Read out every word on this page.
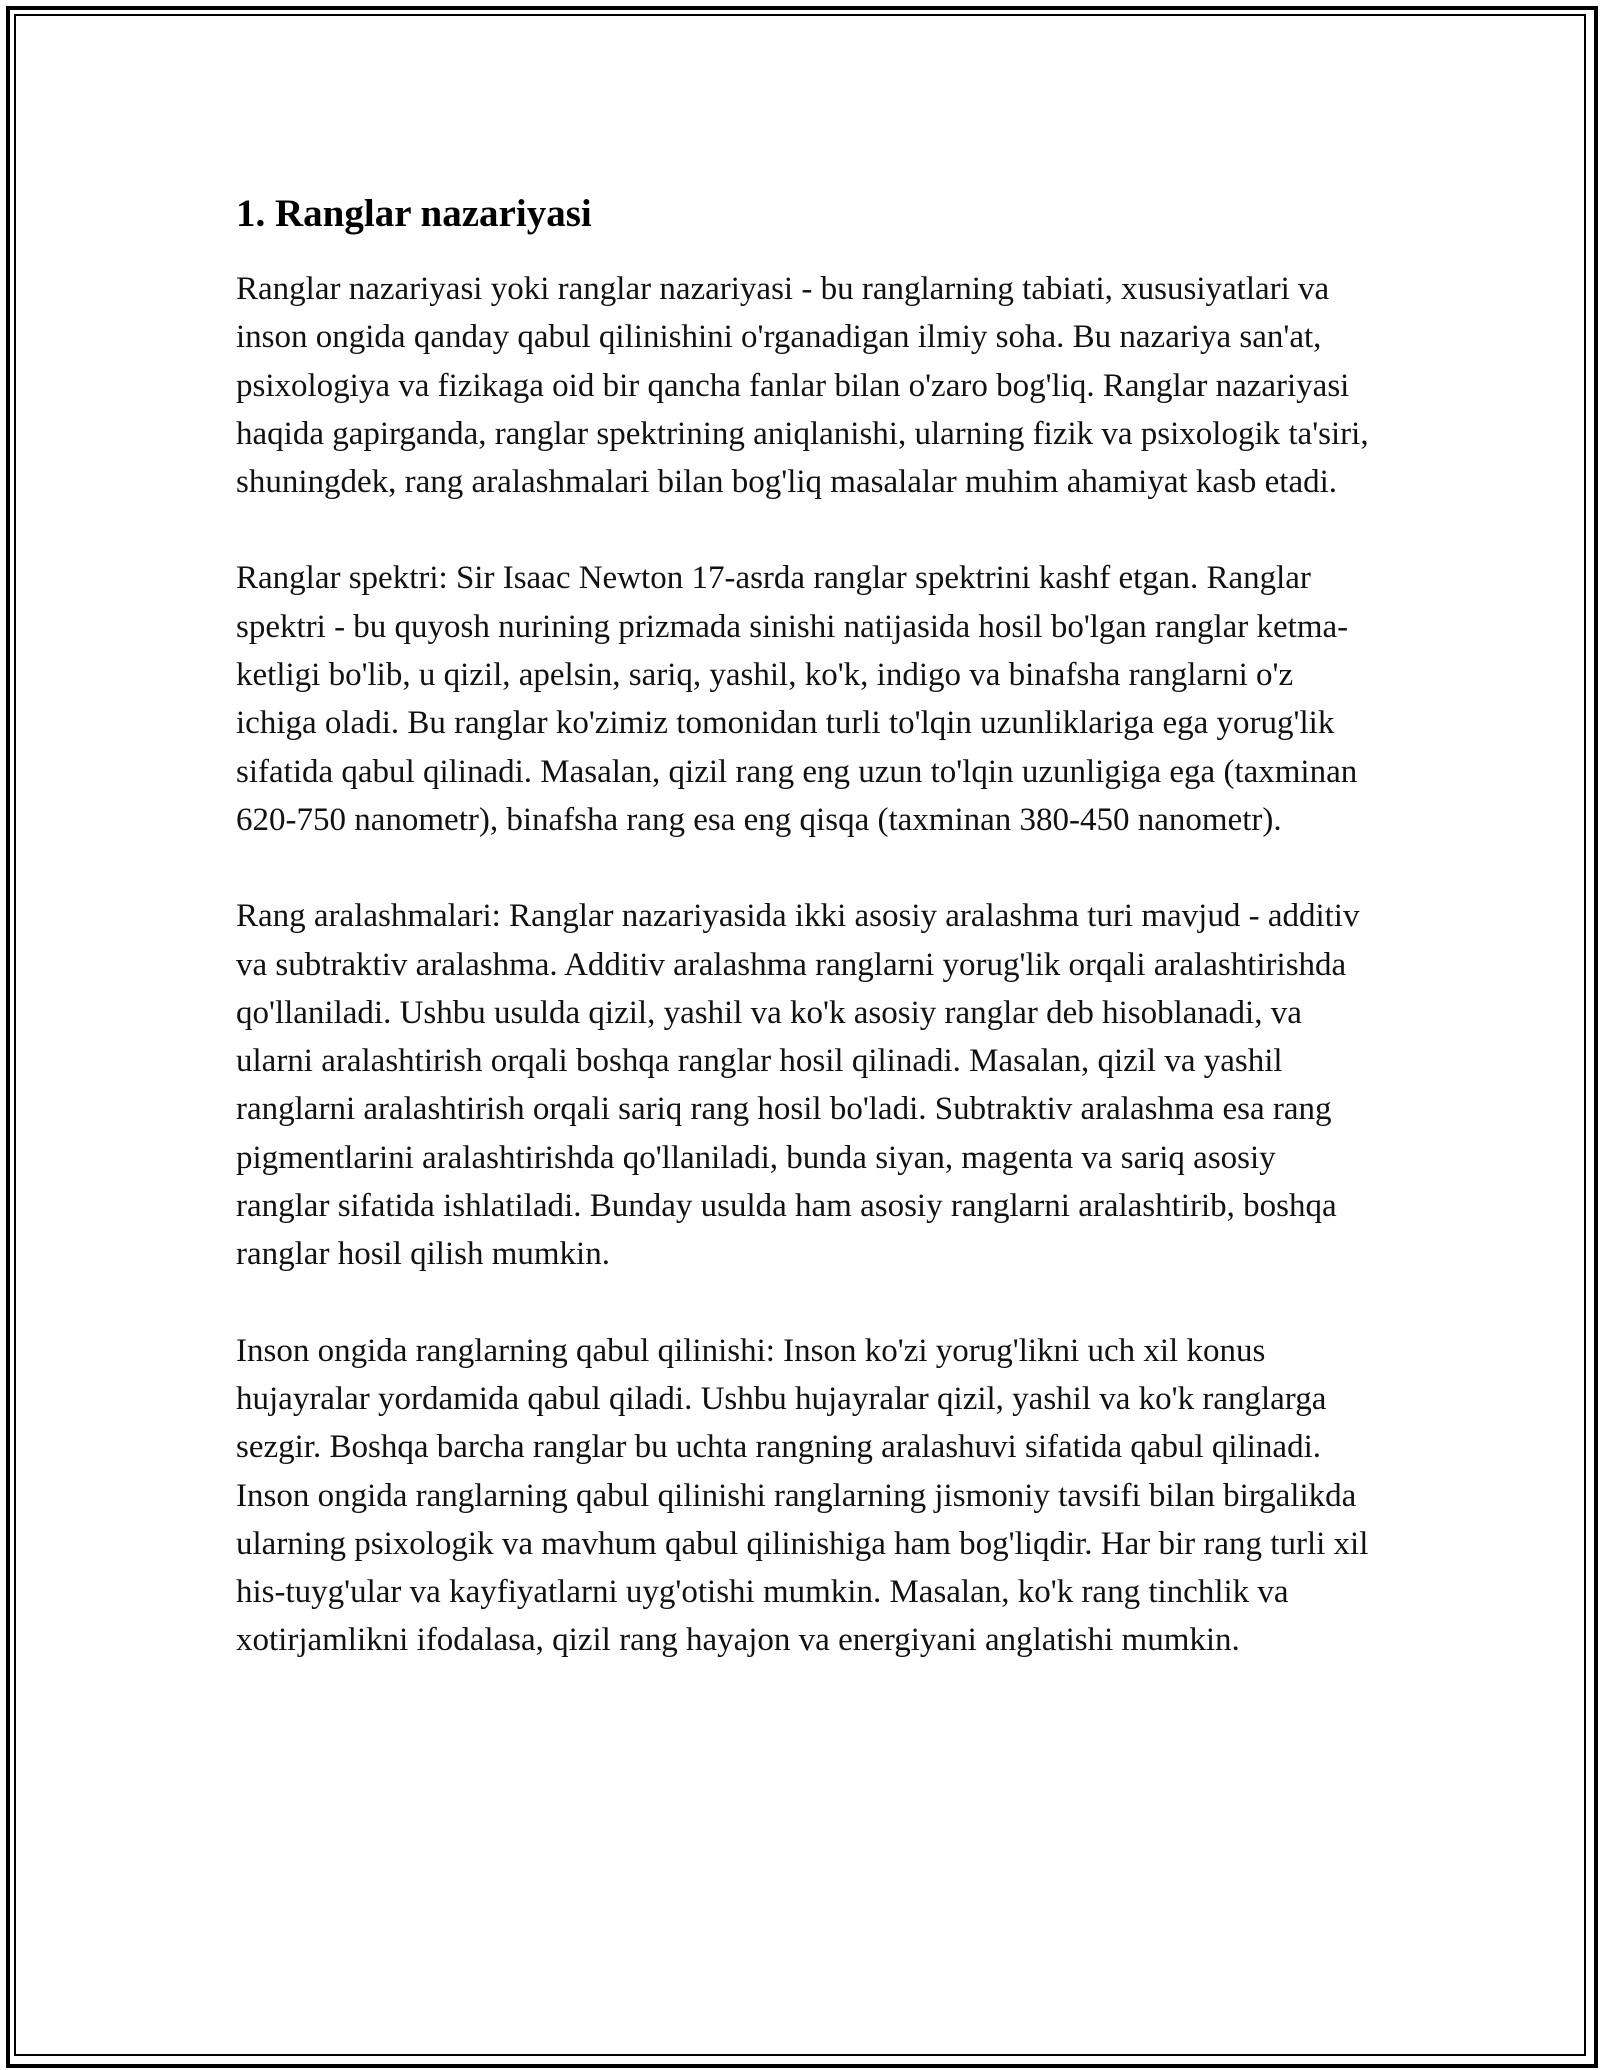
1. Ranglar nazariyasi

Ranglar nazariyasi yoki ranglar nazariyasi - bu ranglarning tabiati, xususiyatlari va inson ongida qanday qabul qilinishini o'rganadigan ilmiy soha. Bu nazariya san'at, psixologiya va fizikaga oid bir qancha fanlar bilan o'zaro bog'liq. Ranglar nazariyasi haqida gapirganda, ranglar spektrining aniqlanishi, ularning fizik va psixologik ta'siri, shuningdek, rang aralashmalari bilan bog'liq masalalar muhim ahamiyat kasb etadi.

Ranglar spektri: Sir Isaac Newton 17-asrda ranglar spektrini kashf etgan. Ranglar spektri - bu quyosh nurining prizmada sinishi natijasida hosil bo'lgan ranglar ketma-ketligi bo'lib, u qizil, apelsin, sariq, yashil, ko'k, indigo va binafsha ranglarni o'z ichiga oladi. Bu ranglar ko'zimiz tomonidan turli to'lqin uzunliklariga ega yorug'lik sifatida qabul qilinadi. Masalan, qizil rang eng uzun to'lqin uzunligiga ega (taxminan 620-750 nanometr), binafsha rang esa eng qisqa (taxminan 380-450 nanometr).

Rang aralashmalari: Ranglar nazariyasida ikki asosiy aralashma turi mavjud - additiv va subtraktiv aralashma. Additiv aralashma ranglarni yorug'lik orqali aralashtirishda qo'llaniladi. Ushbu usulda qizil, yashil va ko'k asosiy ranglar deb hisoblanadi, va ularni aralashtirish orqali boshqa ranglar hosil qilinadi. Masalan, qizil va yashil ranglarni aralashtirish orqali sariq rang hosil bo'ladi. Subtraktiv aralashma esa rang pigmentlarini aralashtirishda qo'llaniladi, bunda siyan, magenta va sariq asosiy ranglar sifatida ishlatiladi. Bunday usulda ham asosiy ranglarni aralashtirib, boshqa ranglar hosil qilish mumkin.

Inson ongida ranglarning qabul qilinishi: Inson ko'zi yorug'likni uch xil konus hujayralar yordamida qabul qiladi. Ushbu hujayralar qizil, yashil va ko'k ranglarga sezgir. Boshqa barcha ranglar bu uchta rangning aralashuvi sifatida qabul qilinadi. Inson ongida ranglarning qabul qilinishi ranglarning jismoniy tavsifi bilan birgalikda ularning psixologik va mavhum qabul qilinishiga ham bog'liqdir. Har bir rang turli xil his-tuyg'ular va kayfiyatlarni uyg'otishi mumkin. Masalan, ko'k rang tinchlik va xotirjamlikni ifodalasa, qizil rang hayajon va energiyani anglatishi mumkin.
